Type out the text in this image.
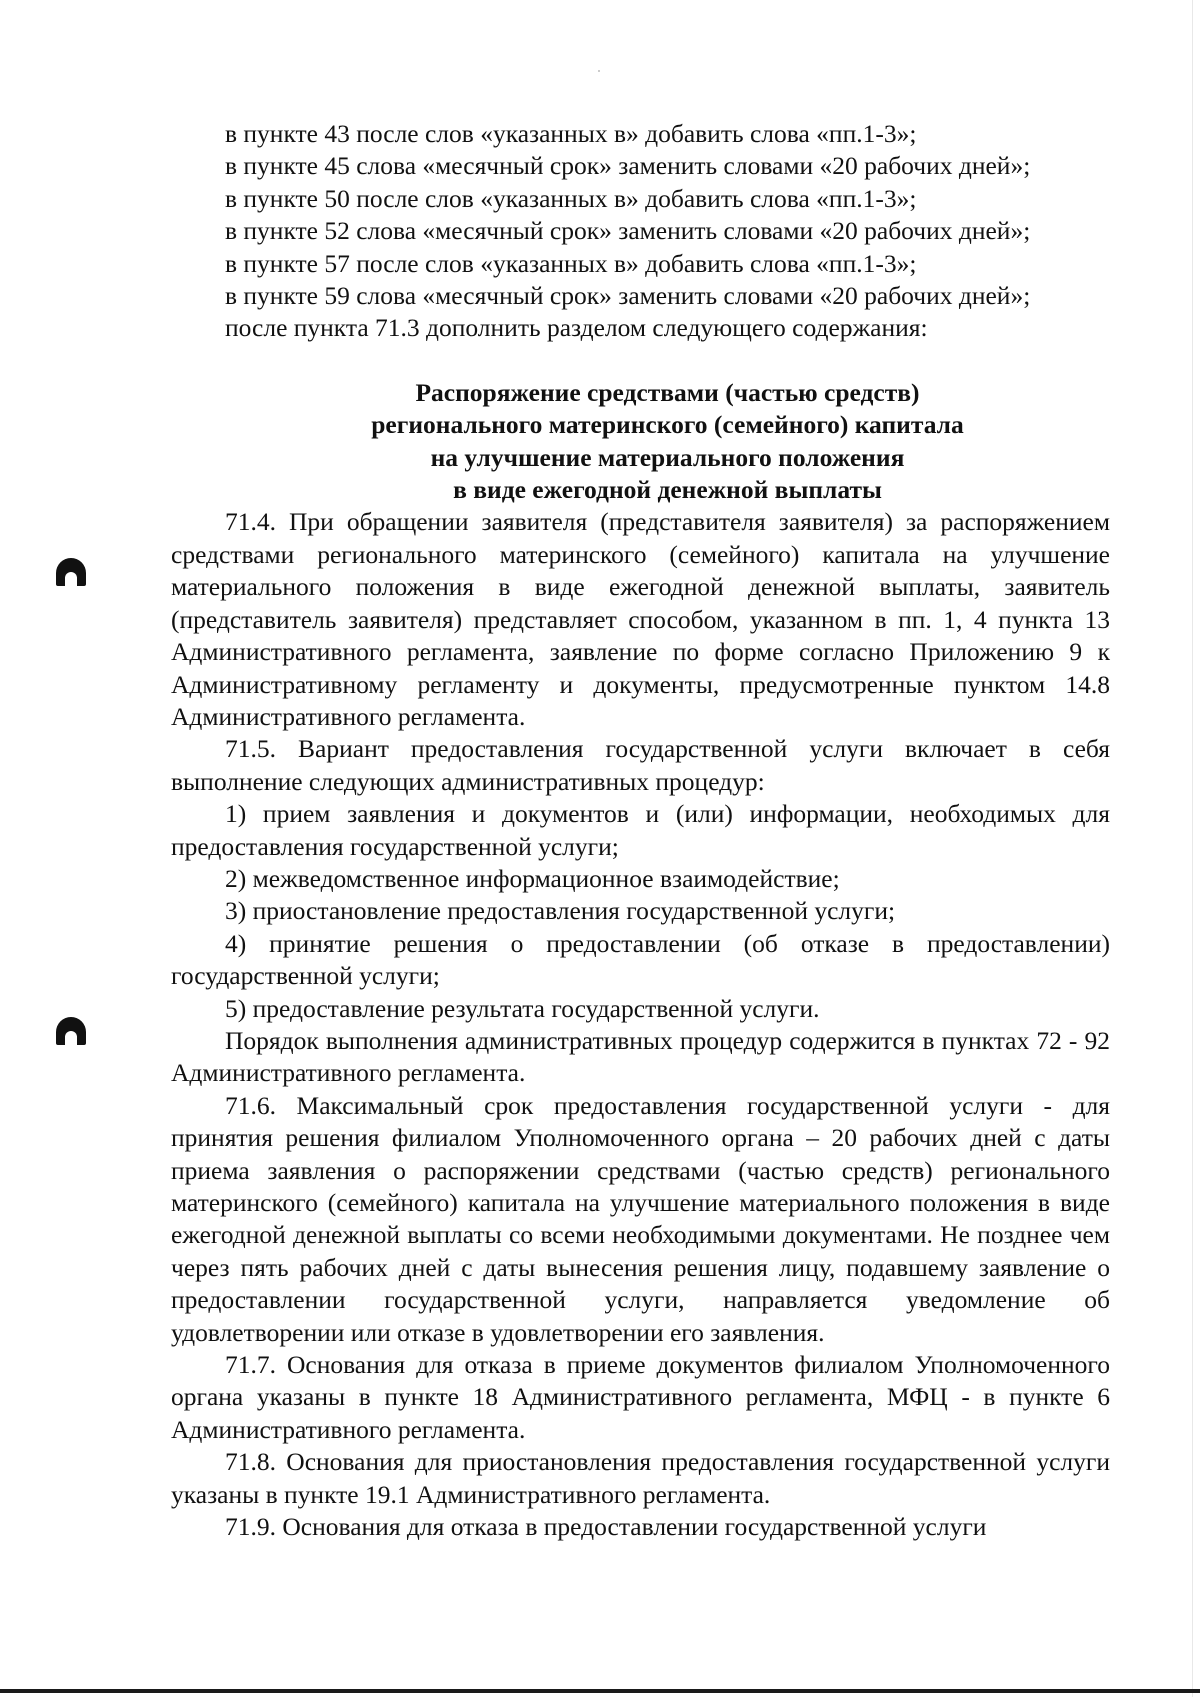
в пункте 43 после слов «указанных в» добавить слова «пп.1-3»;
в пункте 45 слова «месячный срок» заменить словами «20 рабочих дней»;
в пункте 50 после слов «указанных в» добавить слова «пп.1-3»;
в пункте 52 слова «месячный срок» заменить словами «20 рабочих дней»;
в пункте 57 после слов «указанных в» добавить слова «пп.1-3»;
в пункте 59 слова «месячный срок» заменить словами «20 рабочих дней»;
после пункта 71.3 дополнить разделом следующего содержания:
Распоряжение средствами (частью средств)
регионального материнского (семейного) капитала
на улучшение материального положения
в виде ежегодной денежной выплаты

71.4. При обращении заявителя (представителя заявителя) за распоряжением средствами регионального материнского (семейного) капитала на улучшение материального положения в виде ежегодной денежной выплаты, заявитель (представитель заявителя) представляет способом, указанном в пп. 1, 4 пункта 13 Административного регламента, заявление по форме согласно Приложению 9 к Административному регламенту и документы, предусмотренные пунктом 14.8 Административного регламента.

71.5. Вариант предоставления государственной услуги включает в себя выполнение следующих административных процедур:

1) прием заявления и документов и (или) информации, необходимых для предоставления государственной услуги;

2) межведомственное информационное взаимодействие;

3) приостановление предоставления государственной услуги;

4) принятие решения о предоставлении (об отказе в предоставлении) государственной услуги;

5) предоставление результата государственной услуги.

Порядок выполнения административных процедур содержится в пунктах 72 - 92 Административного регламента.

71.6. Максимальный срок предоставления государственной услуги - для принятия решения филиалом Уполномоченного органа – 20 рабочих дней с даты приема заявления о распоряжении средствами (частью средств) регионального материнского (семейного) капитала на улучшение материального положения в виде ежегодной денежной выплаты со всеми необходимыми документами. Не позднее чем через пять рабочих дней с даты вынесения решения лицу, подавшему заявление о предоставлении государственной услуги, направляется уведомление об удовлетворении или отказе в удовлетворении его заявления.

71.7. Основания для отказа в приеме документов филиалом Уполномоченного органа указаны в пункте 18 Административного регламента, МФЦ - в пункте 6 Административного регламента.

71.8. Основания для приостановления предоставления государственной услуги указаны в пункте 19.1 Административного регламента.

71.9. Основания для отказа в предоставлении государственной услуги
